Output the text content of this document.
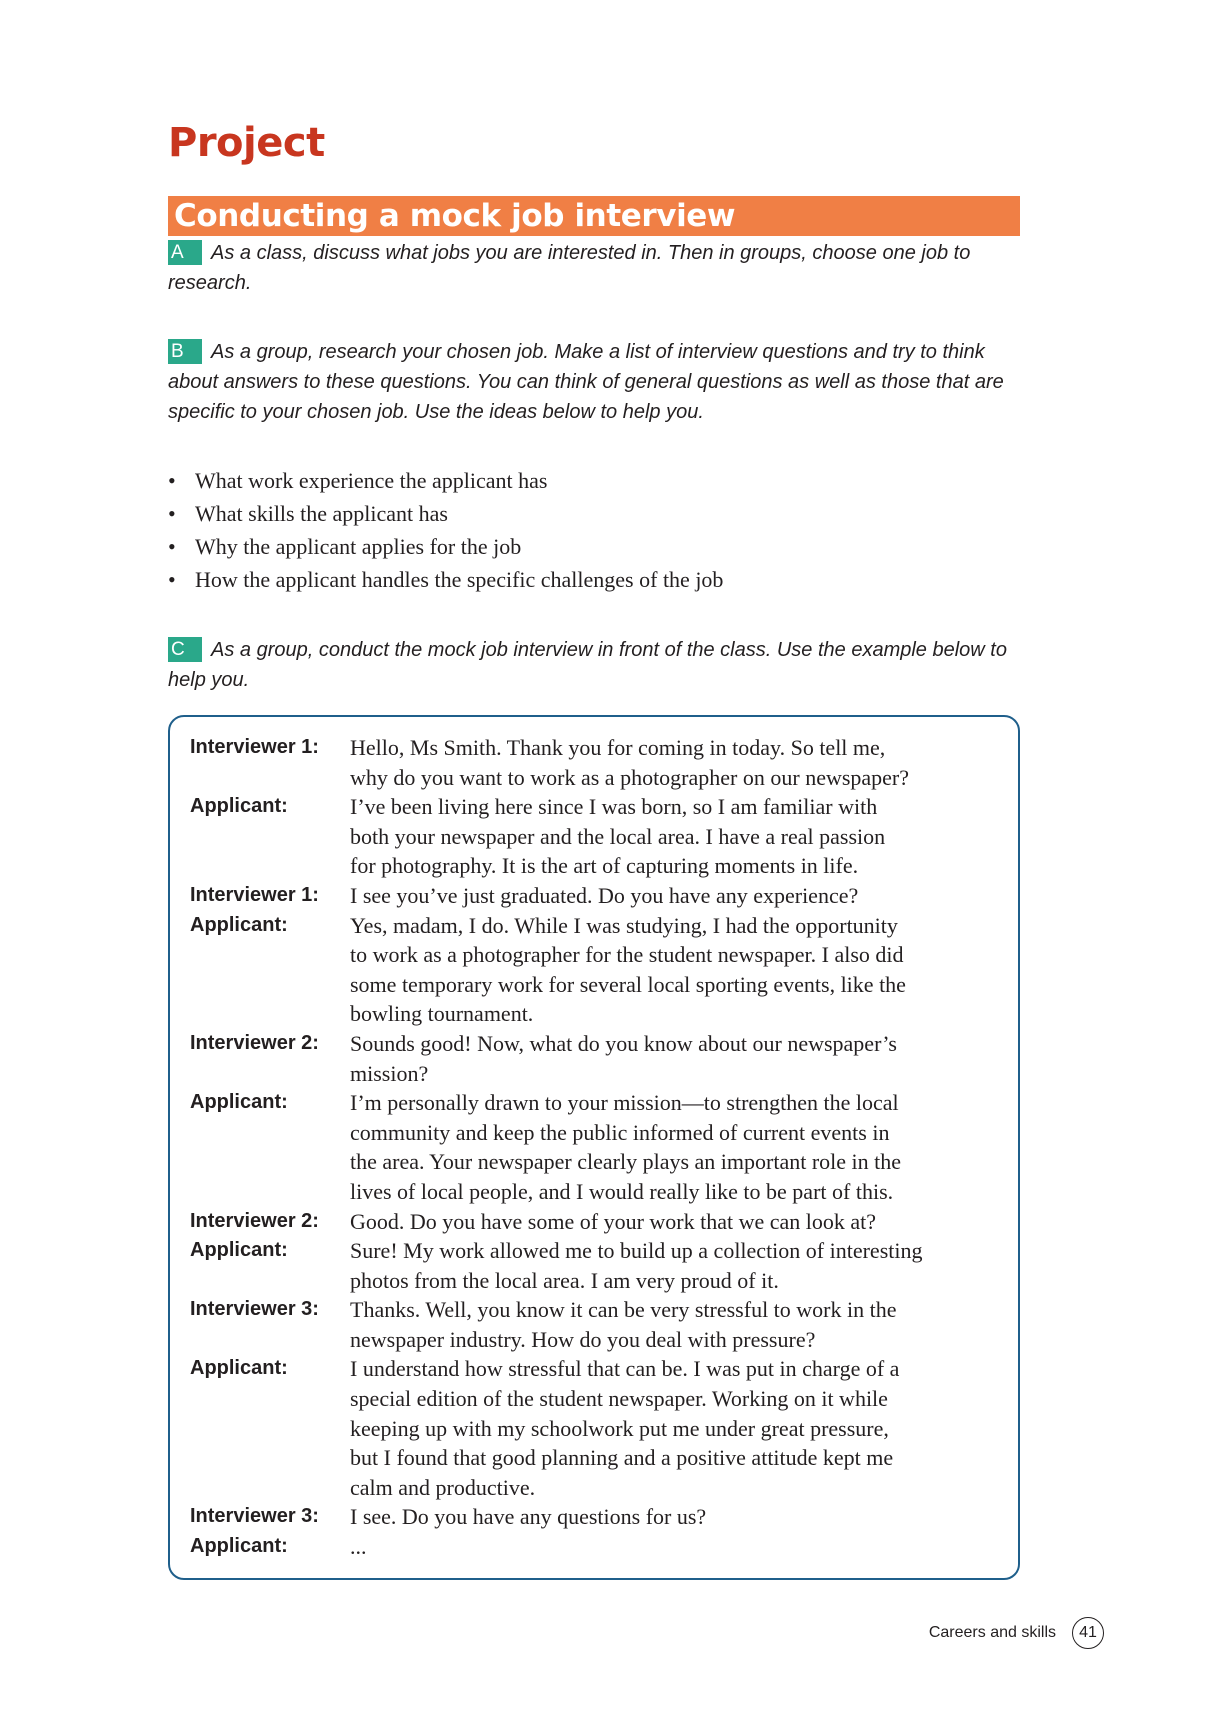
Project
Conducting a mock job interview
A As a class, discuss what jobs you are interested in. Then in groups, choose one job to research.
B As a group, research your chosen job. Make a list of interview questions and try to think about answers to these questions. You can think of general questions as well as those that are specific to your chosen job. Use the ideas below to help you.
• What work experience the applicant has
• What skills the applicant has
• Why the applicant applies for the job
• How the applicant handles the specific challenges of the job
C As a group, conduct the mock job interview in front of the class. Use the example below to help you.
Interviewer 1:	Hello, Ms Smith. Thank you for coming in today. So tell me,
why do you want to work as a photographer on our newspaper?
Applicant:	I’ve been living here since I was born, so I am familiar with
both your newspaper and the local area. I have a real passion
for photography. It is the art of capturing moments in life.
Interviewer 1:	I see you’ve just graduated. Do you have any experience?
Applicant:	Yes, madam, I do. While I was studying, I had the opportunity
to work as a photographer for the student newspaper. I also did
some temporary work for several local sporting events, like the
bowling tournament.
Interviewer 2:	Sounds good! Now, what do you know about our newspaper’s
mission?
Applicant:	I’m personally drawn to your mission—to strengthen the local
community and keep the public informed of current events in
the area. Your newspaper clearly plays an important role in the
lives of local people, and I would really like to be part of this.
Interviewer 2:	Good. Do you have some of your work that we can look at?
Applicant:	Sure! My work allowed me to build up a collection of interesting
photos from the local area. I am very proud of it.
Interviewer 3:	Thanks. Well, you know it can be very stressful to work in the
newspaper industry. How do you deal with pressure?
Applicant:	I understand how stressful that can be. I was put in charge of a
special edition of the student newspaper. Working on it while
keeping up with my schoolwork put me under great pressure,
but I found that good planning and a positive attitude kept me
calm and productive.
Interviewer 3:	I see. Do you have any questions for us?
Applicant:	...
Careers and skills	41
